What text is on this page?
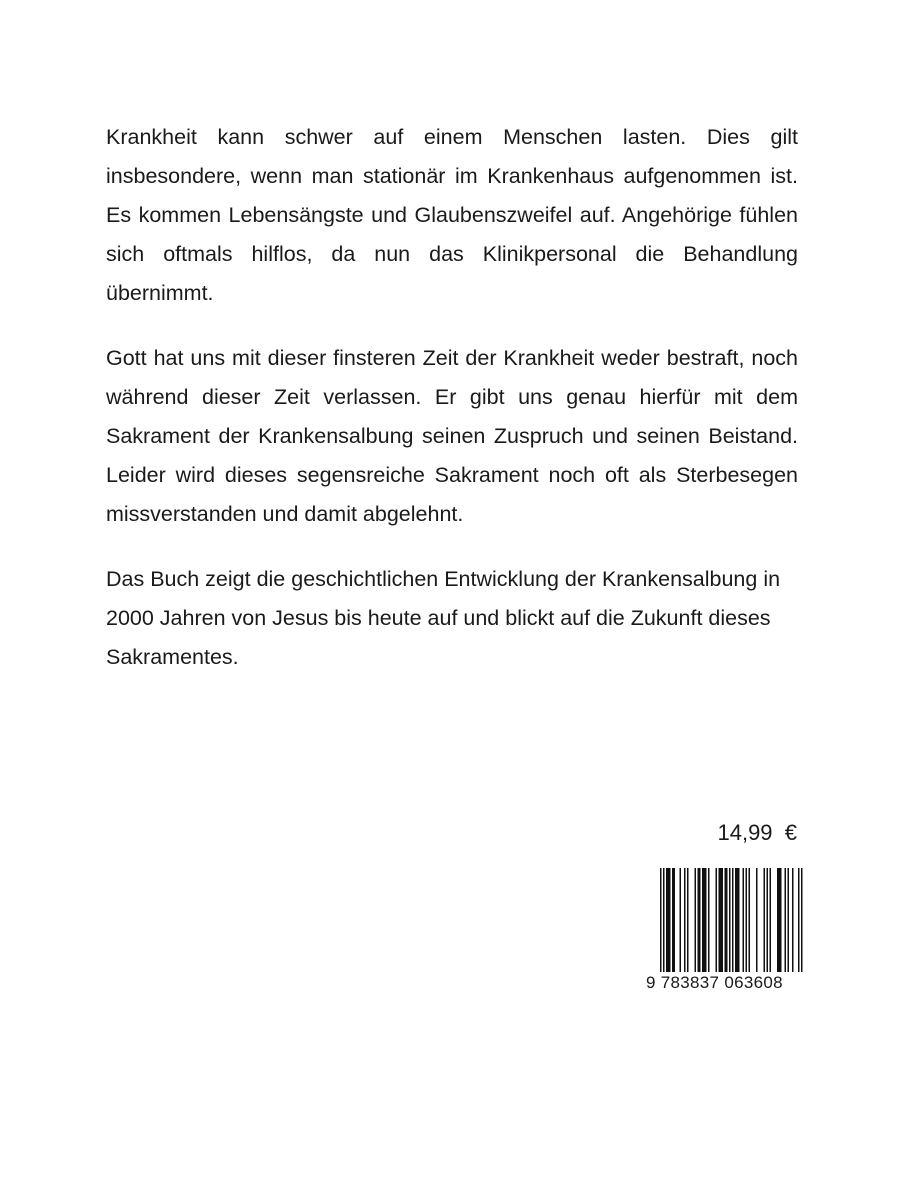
Krankheit kann schwer auf einem Menschen lasten. Dies gilt insbesondere, wenn man stationär im Krankenhaus aufgenommen ist. Es kommen Lebensängste und Glaubenszweifel auf. Angehörige fühlen sich oftmals hilflos, da nun das Klinikpersonal die Behandlung übernimmt.

Gott hat uns mit dieser finsteren Zeit der Krankheit weder bestraft, noch während dieser Zeit verlassen. Er gibt uns genau hierfür mit dem Sakrament der Krankensalbung seinen Zuspruch und seinen Beistand. Leider wird dieses segensreiche Sakrament noch oft als Sterbesegen missverstanden und damit abgelehnt.

Das Buch zeigt die geschichtlichen Entwicklung der Krankensalbung in 2000 Jahren von Jesus bis heute auf und blickt auf die Zukunft dieses Sakramentes.

14,99  €
9 783837 063608
